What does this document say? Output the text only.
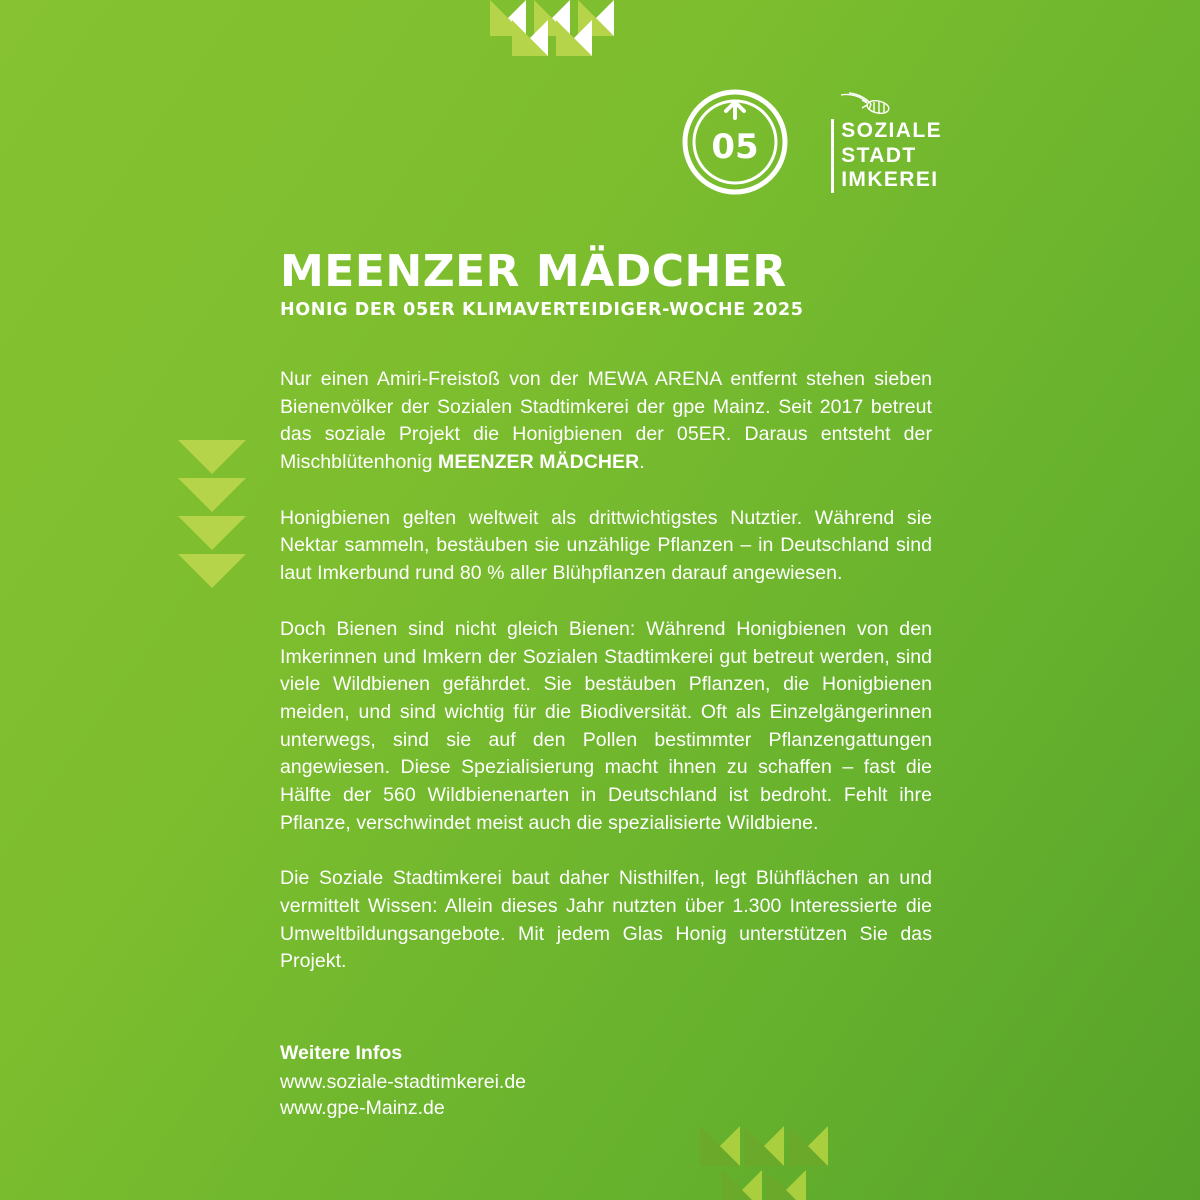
05	SOZIALE
STADT
IMKEREI
MEENZER MÄDCHER
HONIG DER 05ER KLIMAVERTEIDIGER-WOCHE 2025

Nur einen Amiri-Freistoß von der MEWA ARENA entfernt stehen sieben Bienenvölker der Sozialen Stadtimkerei der gpe Mainz. Seit 2017 betreut das soziale Projekt die Honigbienen der 05ER. Daraus entsteht der Mischblütenhonig MEENZER MÄDCHER.

Honigbienen gelten weltweit als drittwichtigstes Nutztier. Während sie Nektar sammeln, bestäuben sie unzählige Pflanzen – in Deutschland sind laut Imkerbund rund 80 % aller Blühpflanzen darauf angewiesen.

Doch Bienen sind nicht gleich Bienen: Während Honigbienen von den Imkerinnen und Imkern der Sozialen Stadtimkerei gut betreut werden, sind viele Wildbienen gefährdet. Sie bestäuben Pflanzen, die Honigbienen meiden, und sind wichtig für die Biodiversität. Oft als Einzelgängerinnen unterwegs, sind sie auf den Pollen bestimmter Pflanzengattungen angewiesen. Diese Spezialisierung macht ihnen zu schaffen – fast die Hälfte der 560 Wildbienenarten in Deutschland ist bedroht. Fehlt ihre Pflanze, verschwindet meist auch die spezialisierte Wildbiene.

Die Soziale Stadtimkerei baut daher Nisthilfen, legt Blühflächen an und vermittelt Wissen: Allein dieses Jahr nutzten über 1.300 Interessierte die Umweltbildungsangebote. Mit jedem Glas Honig unterstützen Sie das Projekt.

Weitere Infos
www.soziale-stadtimkerei.de
www.gpe-Mainz.de
